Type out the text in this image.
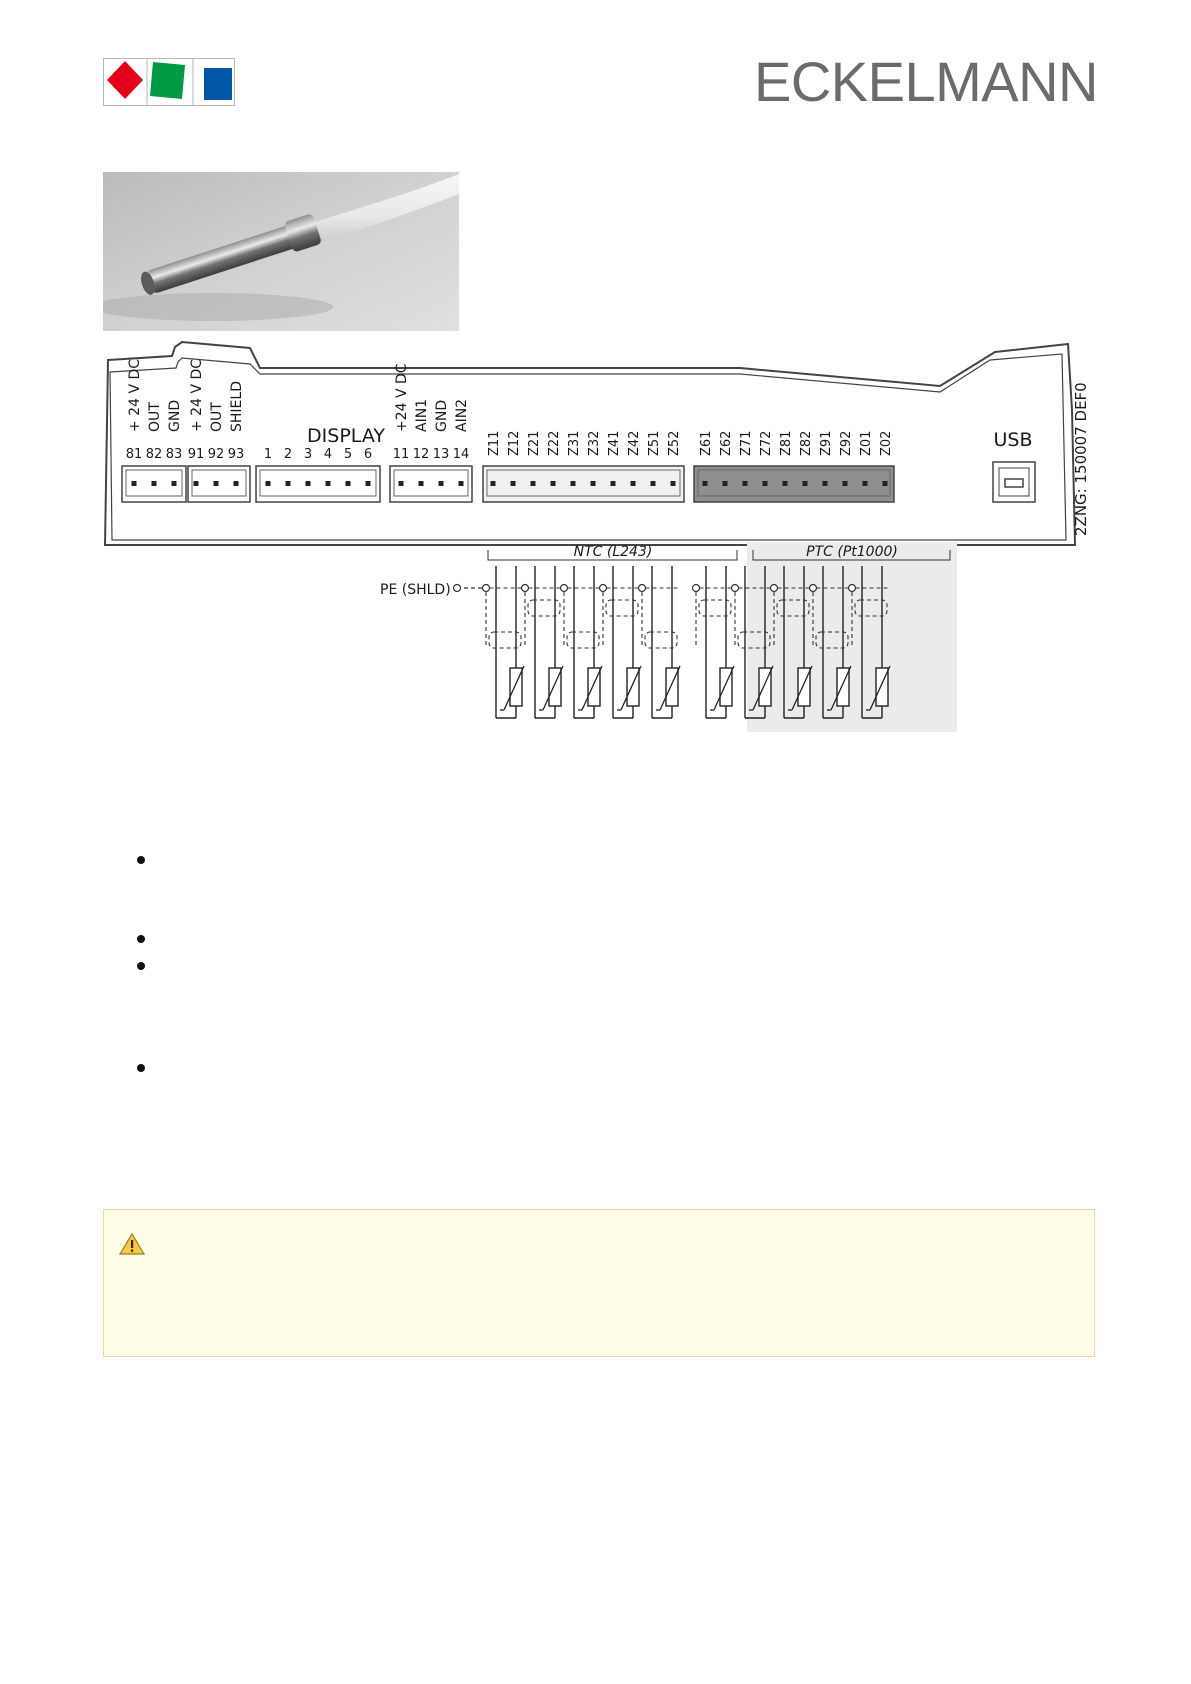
ECKELMANN
+ 24 V DC OUT GND + 24 V DC OUT SHIELD	+24 V DC AIN1 GND AIN2
Z11 Z12 Z21 Z22 Z31 Z32 Z41 Z42 Z51 Z52 Z61 Z62 Z71 Z72 Z81 Z82 Z91 Z92 Z01 Z02
81 82 83 91 92 93 1 2 3 4 5 6 11 12 13 14
DISPLAY	USB	2ZNG: 150007 DEF0
NTC (L243)	PTC (Pt1000)
PE (SHLD)
